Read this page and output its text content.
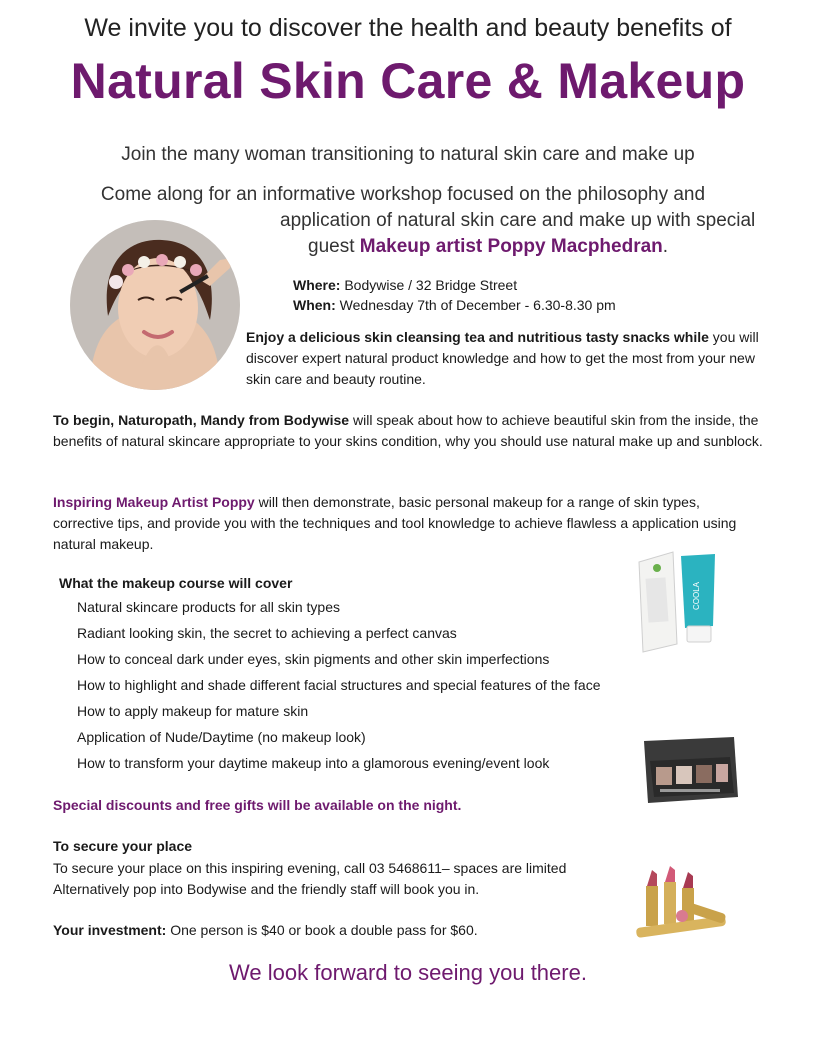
We invite you to discover the health and beauty benefits of
Natural Skin Care & Makeup
Join the many woman transitioning to natural skin care and make up
Come along for an informative workshop focused on the philosophy and
application of natural skin care and make up with special
guest Makeup artist Poppy Macphedran.
Where: Bodywise / 32 Bridge Street
When: Wednesday 7th of December - 6.30-8.30 pm
Enjoy a delicious skin cleansing tea and nutritious tasty snacks while you will discover expert natural product knowledge and how to get the most from your new skin care and beauty routine.
To begin, Naturopath, Mandy from Bodywise will speak about how to achieve beautiful skin from the inside, the benefits of natural skincare appropriate to your skins condition, why you should use natural make up and sunblock.
Inspiring Makeup Artist Poppy will then demonstrate, basic personal makeup for a range of skin types, corrective tips, and provide you with the techniques and tool knowledge to achieve flawless a application using natural makeup.
What the makeup course will cover
Natural skincare products for all skin types
Radiant looking skin, the secret to achieving a perfect canvas
How to conceal dark under eyes, skin pigments and other skin imperfections
How to highlight and shade different facial structures and special features of the face
How to apply makeup for mature skin
Application of Nude/Daytime (no makeup look)
How to transform your daytime makeup into a glamorous evening/event look
COOLA
Special discounts and free gifts will be available on the night.
To secure your place
To secure your place on this inspiring evening, call 03 5468611– spaces are limited
Alternatively pop into Bodywise and the friendly staff will book you in.
Your investment: One person is $40 or book a double pass for $60.
We look forward to seeing you there.
